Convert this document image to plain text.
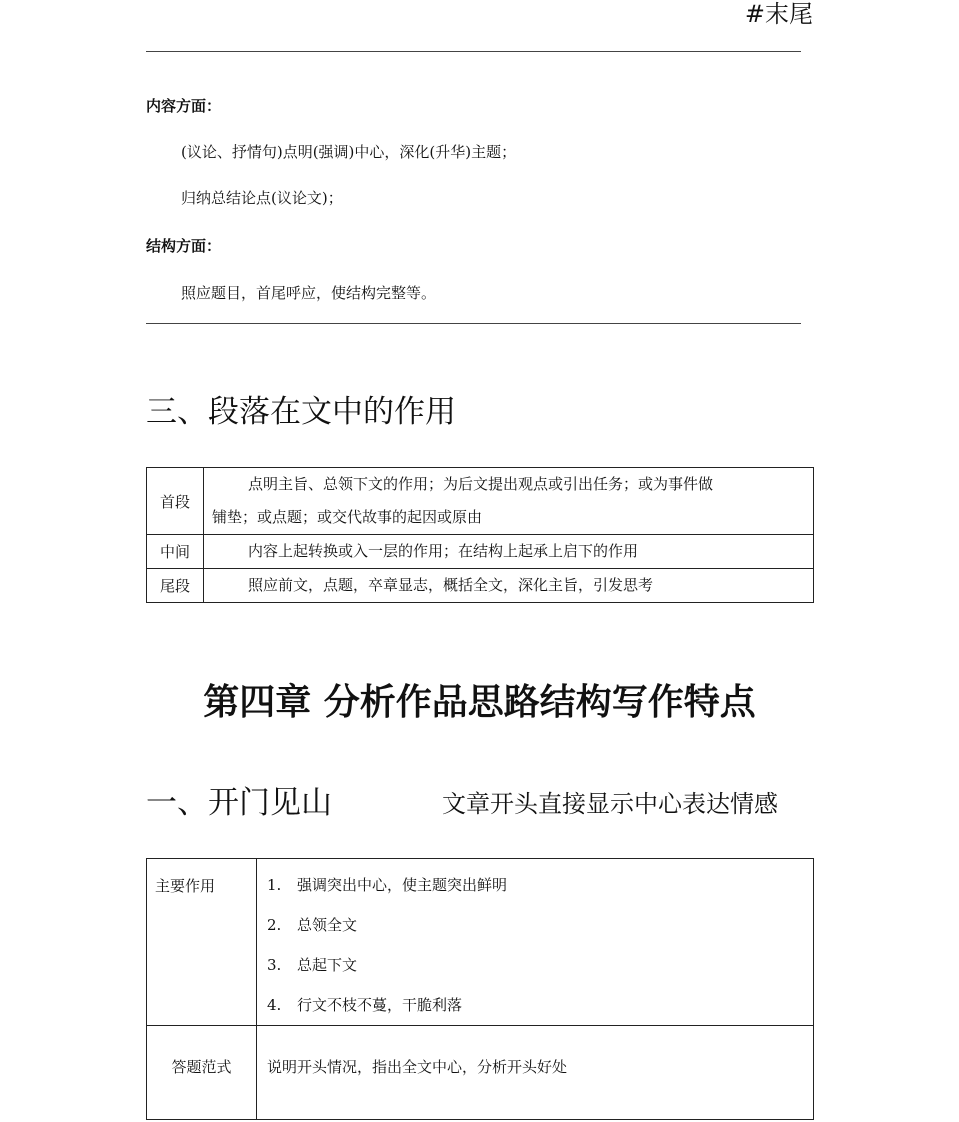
#末尾
内容方面：
(议论、抒情句)点明(强调)中心，深化(升华)主题；
归纳总结论点(议论文)；
结构方面：
照应题目，首尾呼应，使结构完整等。
三、段落在文中的作用
首段	点明主旨、总领下文的作用；为后文提出观点或引出任务；或为事件做
铺垫；或点题；或交代故事的起因或原由

中间	内容上起转换或入一层的作用；在结构上起承上启下的作用

尾段	照应前文，点题，卒章显志，概括全文，深化主旨，引发思考
第四章 分析作品思路结构写作特点
一、开门见山	文章开头直接显示中心表达情感
主要作用	1. 强调突出中心，使主题突出鲜明
2. 总领全文
3. 总起下文
4. 行文不枝不蔓，干脆利落

答题范式	说明开头情况，指出全文中心，分析开头好处
